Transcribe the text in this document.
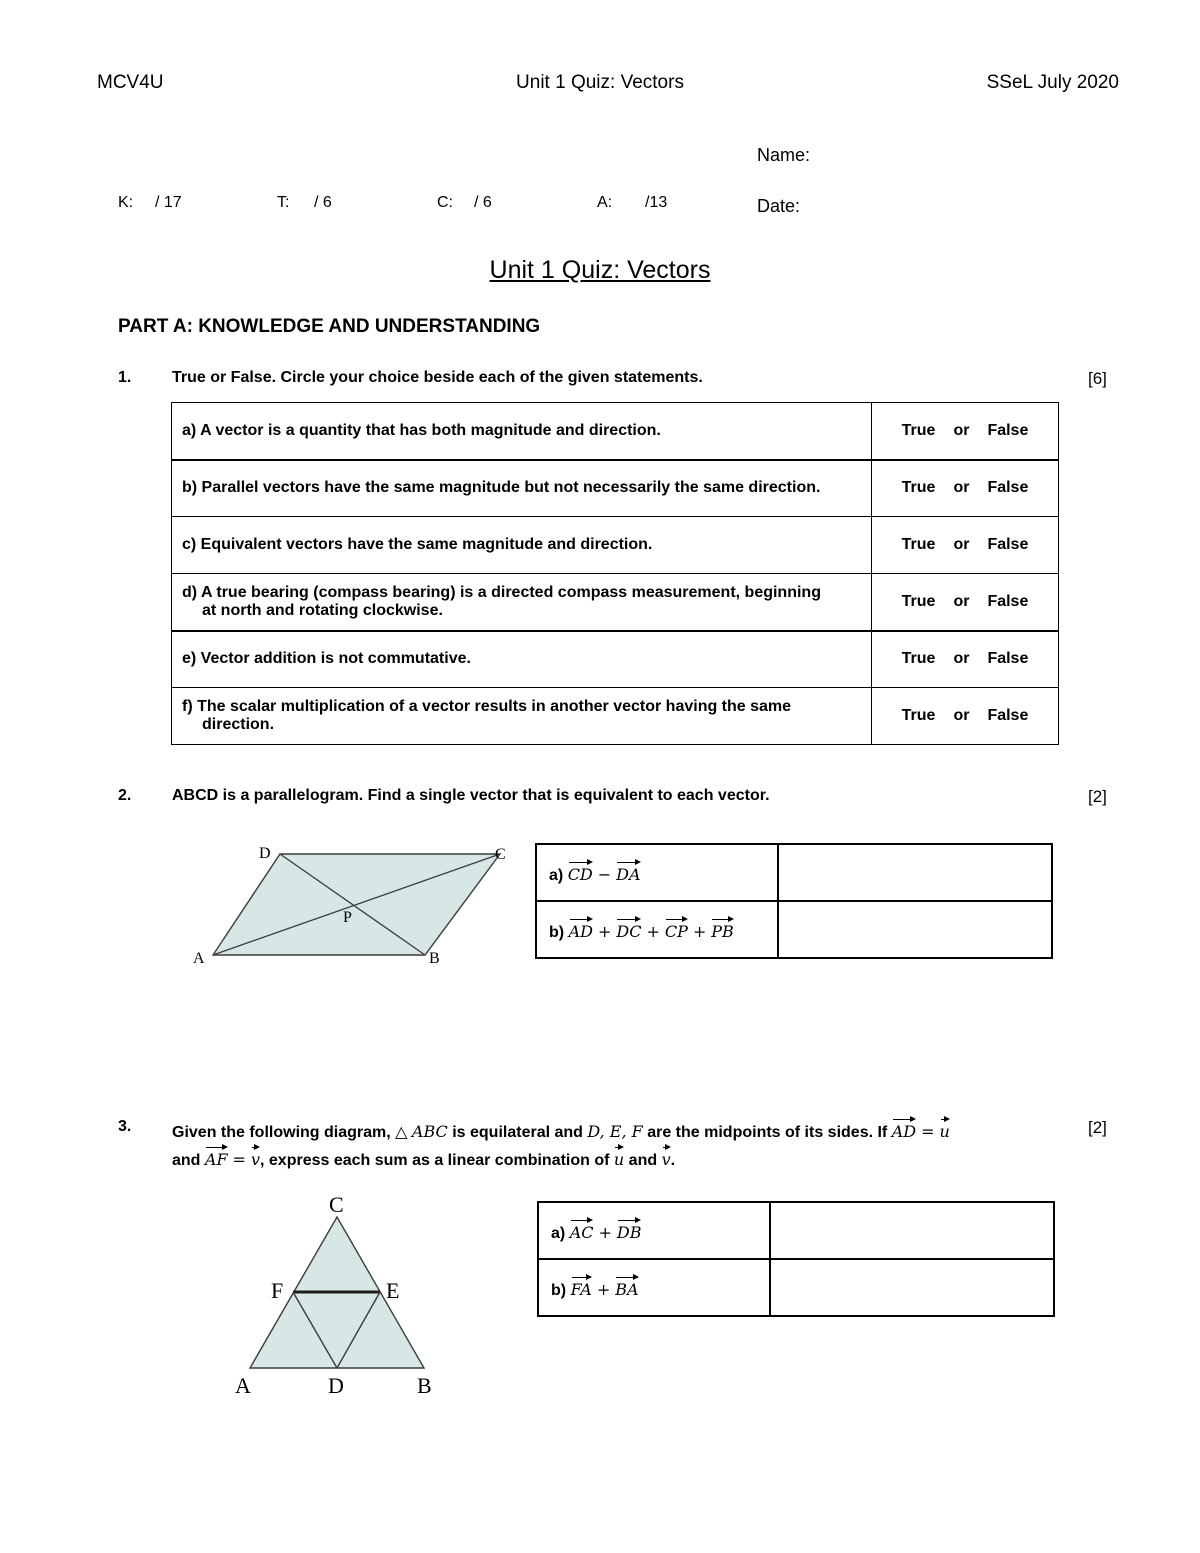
MCV4U	Unit 1 Quiz: Vectors	SSeL July 2020
Name:
Date:
K: / 17	T: / 6	C: / 6	A: /13
Unit 1 Quiz: Vectors
PART A: KNOWLEDGE AND UNDERSTANDING
1.	True or False. Circle your choice beside each of the given statements.	[6]
a) A vector is a quantity that has both magnitude and direction.	True or False
b) Parallel vectors have the same magnitude but not necessarily the same direction.	True or False
c) Equivalent vectors have the same magnitude and direction.	True or False
d) A true bearing (compass bearing) is a directed compass measurement, beginning
at north and rotating clockwise.	True or False
e) Vector addition is not commutative.	True or False
f) The scalar multiplication of a vector results in another vector having the same
direction.	True or False
2.	ABCD is a parallelogram. Find a single vector that is equivalent to each vector.	[2]
A	B
C
D
P
a) CD − DA	
b) AD + DC + CP + PB	
3.	Given the following diagram, △ ABC is equilateral and D, E, F are the midpoints of its sides. If AD = u
and AF = v, express each sum as a linear combination of u and v.
[2]
C
F	E
A	D	B
a) AC + DB	
b) FA + BA	
